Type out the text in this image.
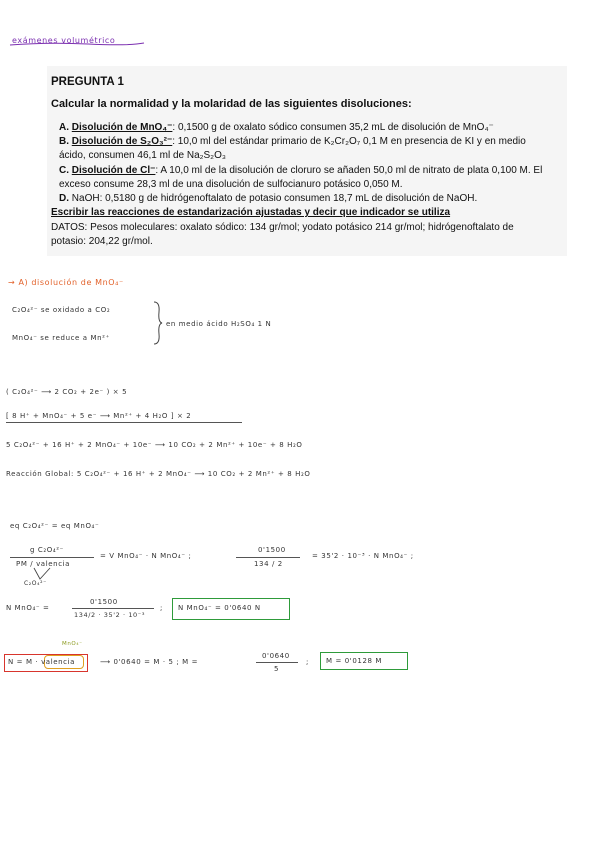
exámenes volumétrico
PREGUNTA 1
Calcular la normalidad y la molaridad de las siguientes disoluciones:
A. Disolución de MnO₄⁻: 0,1500 g de oxalato sódico consumen 35,2 mL de disolución de MnO₄⁻
B. Disolución de S₂O₃²⁻: 10,0 ml del estándar primario de K₂Cr₂O₇ 0,1 M en presencia de KI y en medio
ácido, consumen 46,1 ml de Na₂S₂O₃
C. Disolución de Cl⁻: A 10,0 ml de la disolución de cloruro se añaden 50,0 ml de nitrato de plata 0,100 M. El
exceso consume 28,3 ml de una disolución de sulfocianuro potásico 0,050 M.
D. NaOH: 0,5180 g de hidrógenoftalato de potasio consumen 18,7 mL de disolución de NaOH.
Escribir las reacciones de estandarización ajustadas y decir que indicador se utiliza
DATOS: Pesos moleculares: oxalato sódico: 134 gr/mol; yodato potásico 214 gr/mol; hidrógenoftalato de
potasio: 204,22 gr/mol.
→ A) disolución de MnO₄⁻
C₂O₄²⁻ se oxidado a CO₂
MnO₄⁻ se reduce a Mn²⁺
en medio ácido H₂SO₄ 1 N
( C₂O₄²⁻ ⟶ 2 CO₂ + 2e⁻ ) × 5
[ 8 H⁺ + MnO₄⁻ + 5 e⁻ ⟶ Mn²⁺ + 4 H₂O ] × 2
5 C₂O₄²⁻ + 16 H⁺ + 2 MnO₄⁻ + 10e⁻ ⟶ 10 CO₂ + 2 Mn²⁺ + 10e⁻ + 8 H₂O
Reacción Global: 5 C₂O₄²⁻ + 16 H⁺ + 2 MnO₄⁻ ⟶ 10 CO₂ + 2 Mn²⁺ + 8 H₂O
eq C₂O₄²⁻ = eq MnO₄⁻
g C₂O₄²⁻
PM / valencia
= V MnO₄⁻ · N MnO₄⁻ ;
C₂O₄²⁻
0'1500
134 / 2
= 35'2 · 10⁻³ · N MnO₄⁻ ;
N MnO₄⁻ =
0'1500
134/2 · 35'2 · 10⁻³
; N MnO₄⁻ = 0'0640 N
MnO₄⁻
N = M · valencia	⟶ 0'0640 = M · 5 ; M =
0'0640
5
; M = 0'0128 M
